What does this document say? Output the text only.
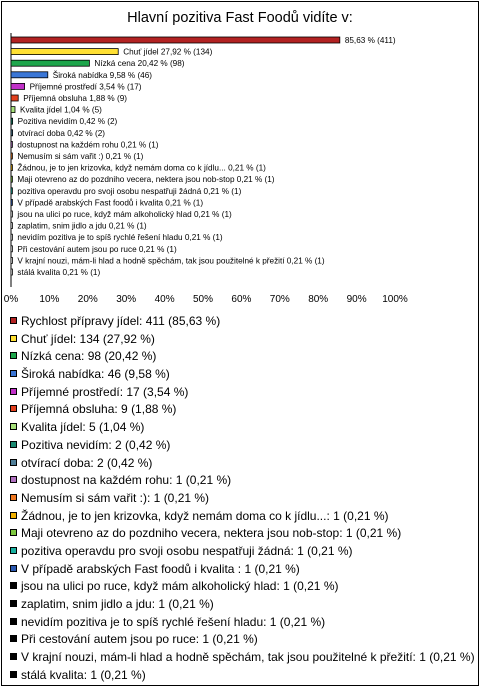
Hlavní pozitiva Fast Foodů vidíte v:
85,63 % (411)
Chuť jídel 27,92 % (134)
Nízká cena 20,42 % (98)
Široká nabídka 9,58 % (46)
Příjemné prostředí 3,54 % (17)
Příjemná obsluha 1,88 % (9)
Kvalita jídel 1,04 % (5)
Pozitiva nevidím 0,42 % (2)
otvírací doba 0,42 % (2)
dostupnost na každém rohu 0,21 % (1)
Nemusím si sám vařit :) 0,21 % (1)
Žádnou, je to jen krizovka, když nemám doma co k jídlu... 0,21 % (1)
Maji otevreno az do pozdniho vecera, nektera jsou nob-stop 0,21 % (1)
pozitiva operavdu pro svoji osobu nespatřuji žádná 0,21 % (1)
V případě arabských Fast foodů i kvalita 0,21 % (1)
jsou na ulici po ruce, když mám alkoholický hlad 0,21 % (1)
zaplatim, snim jidlo a jdu 0,21 % (1)
nevidím pozitiva je to spíš rychlé řešení hladu 0,21 % (1)
Při cestování autem jsou po ruce 0,21 % (1)
V krajní nouzi, mám-li hlad a hodně spěchám, tak jsou použitelné k přežití 0,21 % (1)
stálá kvalita 0,21 % (1)
0% 10% 20% 30% 40% 50% 60% 70% 80% 90% 100%
Rychlost přípravy jídel: 411 (85,63 %)
Chuť jídel: 134 (27,92 %)
Nízká cena: 98 (20,42 %)
Široká nabídka: 46 (9,58 %)
Příjemné prostředí: 17 (3,54 %)
Příjemná obsluha: 9 (1,88 %)
Kvalita jídel: 5 (1,04 %)
Pozitiva nevidím: 2 (0,42 %)
otvírací doba: 2 (0,42 %)
dostupnost na každém rohu: 1 (0,21 %)
Nemusím si sám vařit :): 1 (0,21 %)
Žádnou, je to jen krizovka, když nemám doma co k jídlu...: 1 (0,21 %)
Maji otevreno az do pozdniho vecera, nektera jsou nob-stop: 1 (0,21 %)
pozitiva operavdu pro svoji osobu nespatřuji žádná: 1 (0,21 %)
V případě arabských Fast foodů i kvalita : 1 (0,21 %)
jsou na ulici po ruce, když mám alkoholický hlad: 1 (0,21 %)
zaplatim, snim jidlo a jdu: 1 (0,21 %)
nevidím pozitiva je to spíš rychlé řešení hladu: 1 (0,21 %)
Při cestování autem jsou po ruce: 1 (0,21 %)
V krajní nouzi, mám-li hlad a hodně spěchám, tak jsou použitelné k přežití: 1 (0,21 %)
stálá kvalita: 1 (0,21 %)
